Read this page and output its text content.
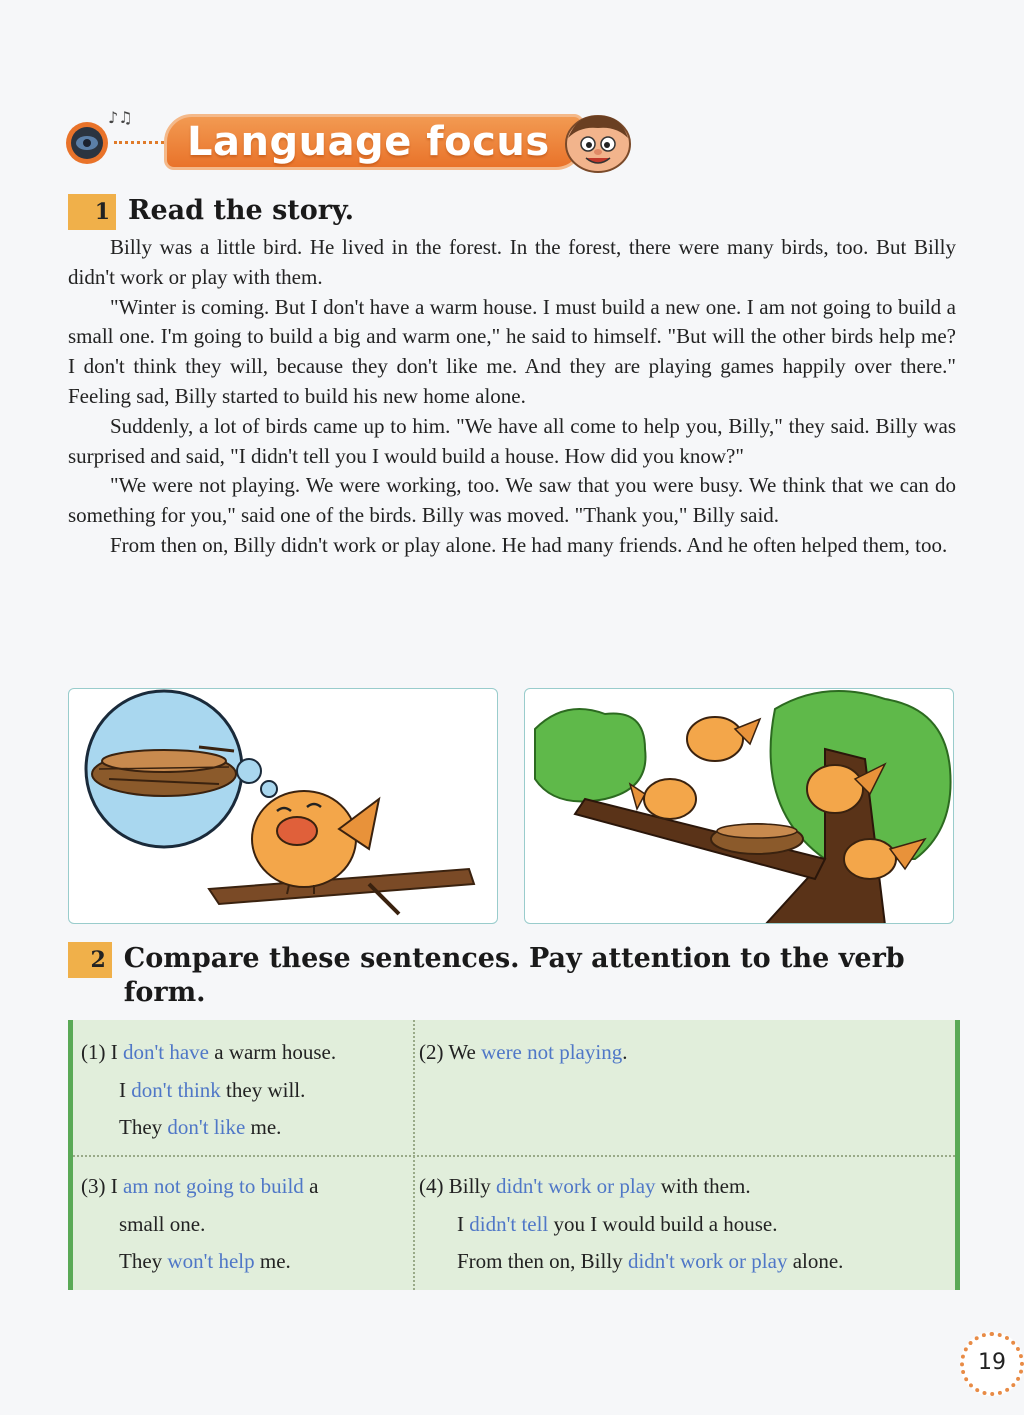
♪♫
Language focus
1 Read the story.

Billy was a little bird. He lived in the forest. In the forest, there were many birds, too. But Billy didn't work or play with them.

"Winter is coming. But I don't have a warm house. I must build a new one. I am not going to build a small one. I'm going to build a big and warm one," he said to himself. "But will the other birds help me? I don't think they will, because they don't like me. And they are playing games happily over there." Feeling sad, Billy started to build his new home alone.

Suddenly, a lot of birds came up to him. "We have all come to help you, Billy," they said. Billy was surprised and said, "I didn't tell you I would build a house. How did you know?"

"We were not playing. We were working, too. We saw that you were busy. We think that we can do something for you," said one of the birds. Billy was moved. "Thank you," Billy said.

From then on, Billy didn't work or play alone. He had many friends. And he often helped them, too.

2 Compare these sentences. Pay attention to the verb form.
(1) I don't have a warm house.
I don't think they will.
They don't like me.
(2) We were not playing.
(3) I am not going to build a
small one.
They won't help me.
(4) Billy didn't work or play with them.
I didn't tell you I would build a house.
From then on, Billy didn't work or play alone.
19
